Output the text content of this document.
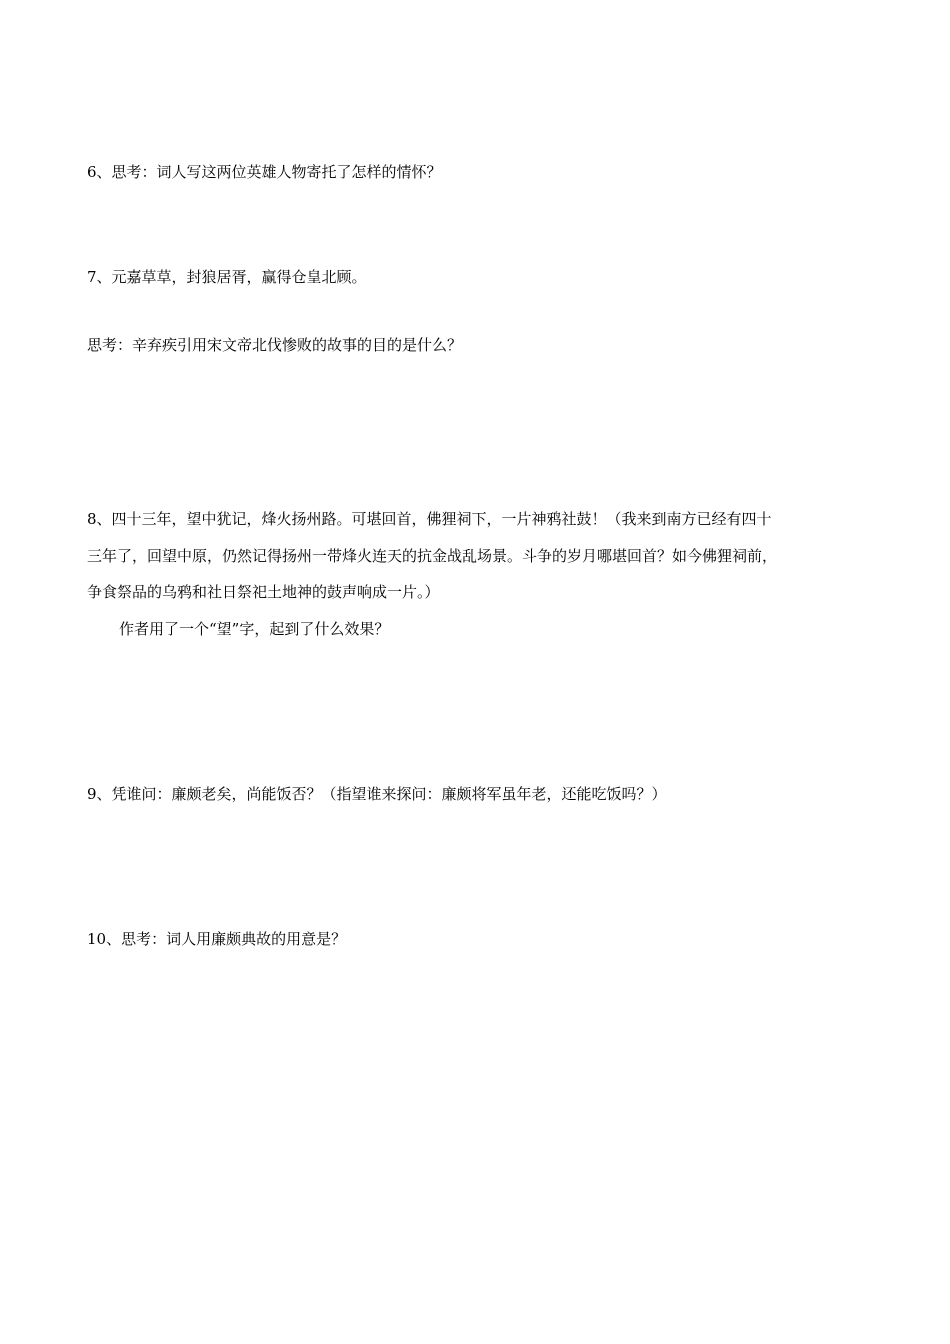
6、思考：词人写这两位英雄人物寄托了怎样的情怀？

7、元嘉草草，封狼居胥，赢得仓皇北顾。

思考：辛弃疾引用宋文帝北伐惨败的故事的目的是什么？

8、四十三年，望中犹记，烽火扬州路。可堪回首，佛狸祠下，一片神鸦社鼓！（我来到南方已经有四十

三年了，回望中原，仍然记得扬州一带烽火连天的抗金战乱场景。斗争的岁月哪堪回首？如今佛狸祠前，

争食祭品的乌鸦和社日祭祀土地神的鼓声响成一片。）

作者用了一个“望”字，起到了什么效果？

9、凭谁问：廉颇老矣，尚能饭否？（指望谁来探问：廉颇将军虽年老，还能吃饭吗？）

10、思考：词人用廉颇典故的用意是？
